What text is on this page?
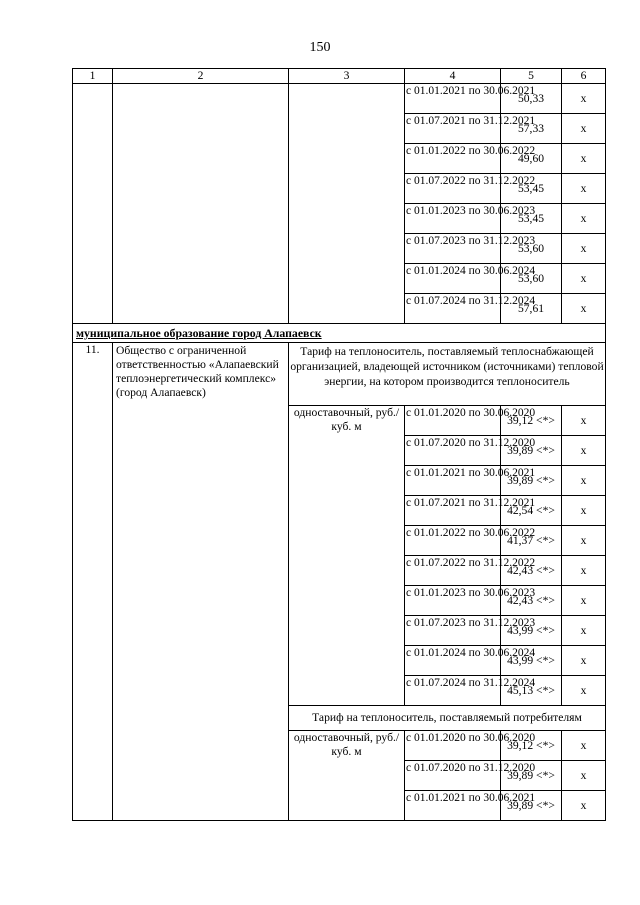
150
1	2	3	4	5	6
			с 01.01.2021 по 30.06.2021	50,33	х
			с 01.07.2021 по 31.12.2021	57,33	х
			с 01.01.2022 по 30.06.2022	49,60	х
			с 01.07.2022 по 31.12.2022	53,45	х
			с 01.01.2023 по 30.06.2023	53,45	х
			с 01.07.2023 по 31.12.2023	53,60	х
			с 01.01.2024 по 30.06.2024	53,60	х
			с 01.07.2024 по 31.12.2024	57,61	х
муниципальное образование город Алапаевск					
11.	Общество с ограниченной ответственностью «Алапаевский теплоэнергетический комплекс» (город Алапаевск)	Тариф на теплоноситель, поставляемый теплоснабжающей организацией, владеющей источником (источниками) тепловой энергии, на котором производится теплоноситель			
		одноставочный, руб./куб. м	с 01.01.2020 по 30.06.2020	39,12 <*>	х
			с 01.07.2020 по 31.12.2020	39,89 <*>	х
			с 01.01.2021 по 30.06.2021	39,89 <*>	х
			с 01.07.2021 по 31.12.2021	42,54 <*>	х
			с 01.01.2022 по 30.06.2022	41,37 <*>	х
			с 01.07.2022 по 31.12.2022	42,43 <*>	х
			с 01.01.2023 по 30.06.2023	42,43 <*>	х
			с 01.07.2023 по 31.12.2023	43,99 <*>	х
			с 01.01.2024 по 30.06.2024	43,99 <*>	х
			с 01.07.2024 по 31.12.2024	45,13 <*>	х
		Тариф на теплоноситель, поставляемый потребителям			
		одноставочный, руб./куб. м	с 01.01.2020 по 30.06.2020	39,12 <*>	х
			с 01.07.2020 по 31.12.2020	39,89 <*>	х
			с 01.01.2021 по 30.06.2021	39,89 <*>	х
